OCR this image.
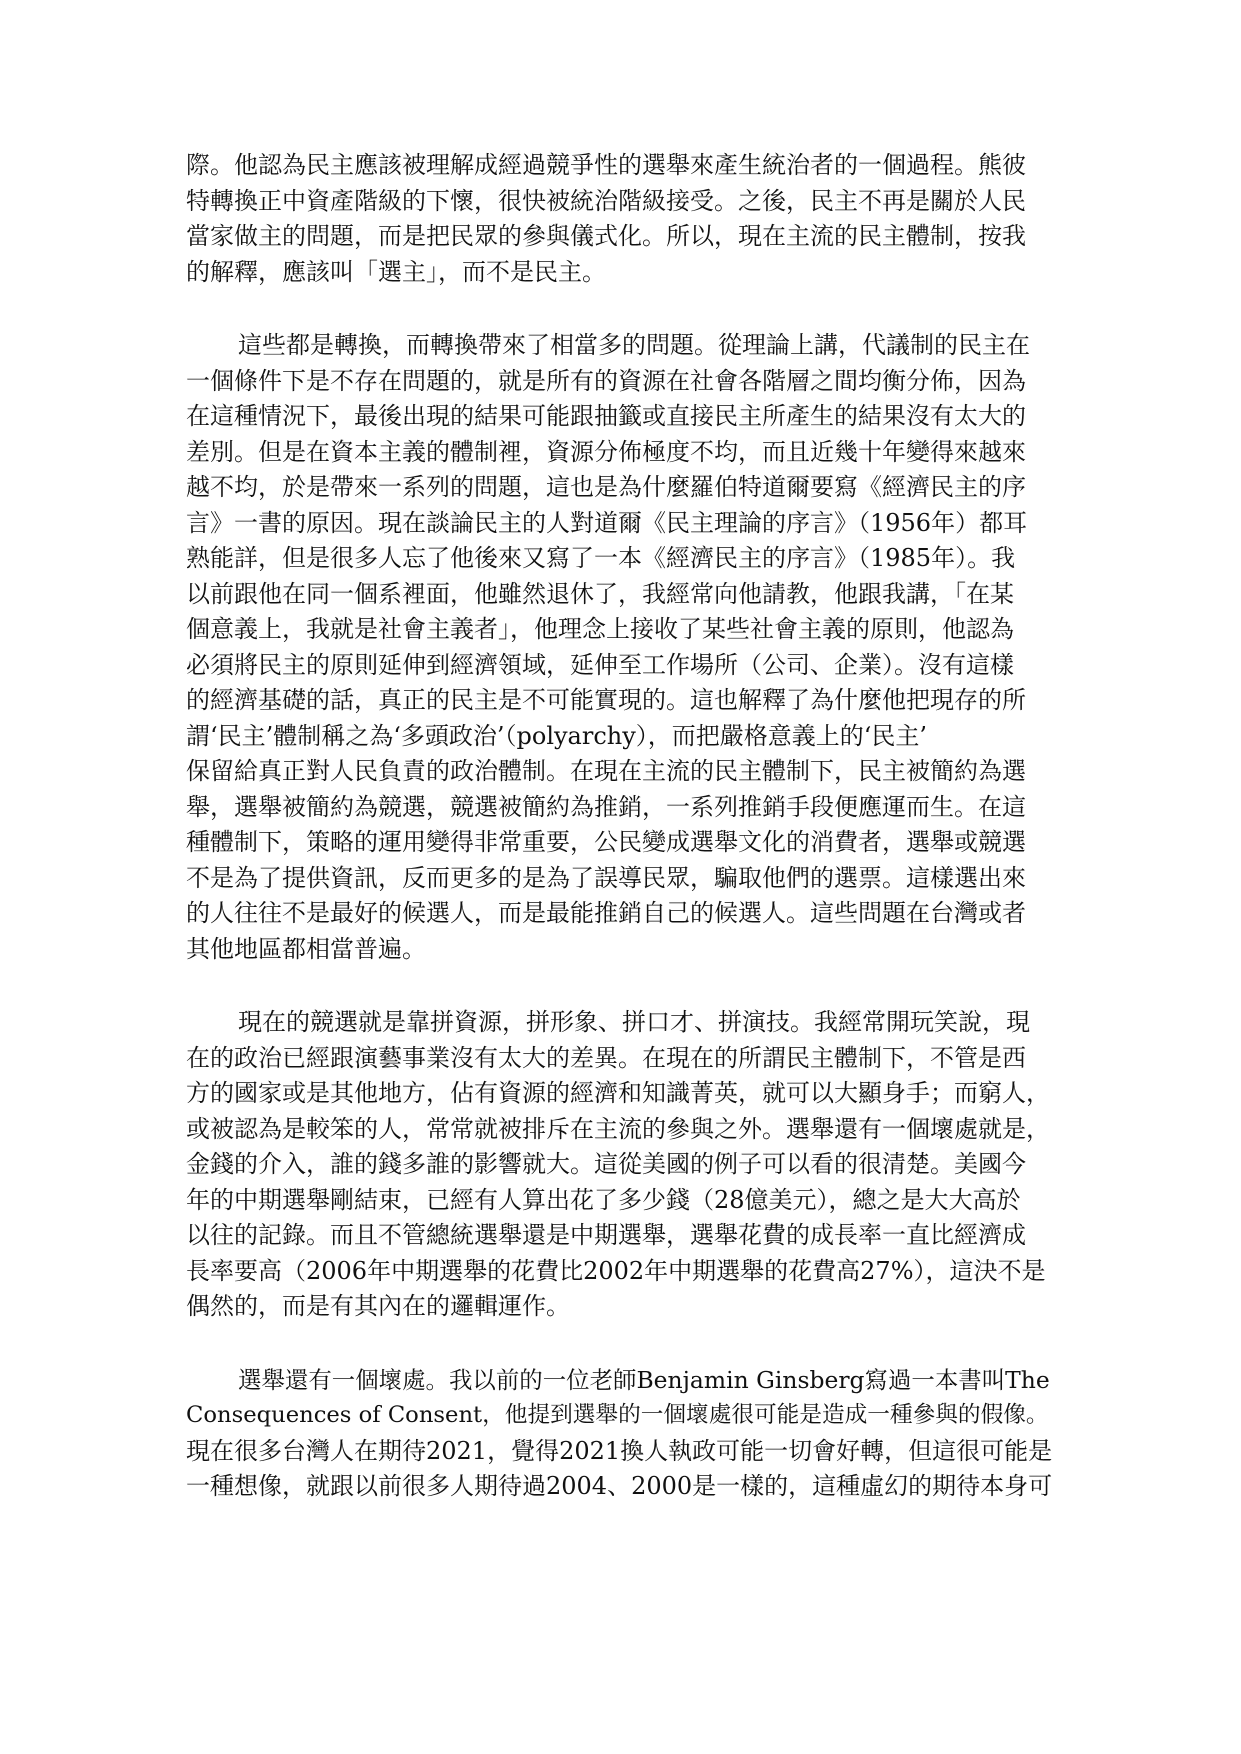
際。他認為民主應該被理解成經過競爭性的選舉來產生統治者的一個過程。熊彼
特轉換正中資產階級的下懷，很快被統治階級接受。之後，民主不再是關於人民
當家做主的問題，而是把民眾的參與儀式化。所以，現在主流的民主體制，按我
的解釋，應該叫「選主」，而不是民主。
這些都是轉換，而轉換帶來了相當多的問題。從理論上講，代議制的民主在
一個條件下是不存在問題的，就是所有的資源在社會各階層之間均衡分佈，因為
在這種情況下，最後出現的結果可能跟抽籤或直接民主所產生的結果沒有太大的
差別。但是在資本主義的體制裡，資源分佈極度不均，而且近幾十年變得來越來
越不均，於是帶來一系列的問題，這也是為什麼羅伯特道爾要寫《經濟民主的序
言》一書的原因。現在談論民主的人對道爾《民主理論的序言》（1956年）都耳
熟能詳，但是很多人忘了他後來又寫了一本《經濟民主的序言》（1985年）。我
以前跟他在同一個系裡面，他雖然退休了，我經常向他請教，他跟我講，「在某
個意義上，我就是社會主義者」，他理念上接收了某些社會主義的原則，他認為
必須將民主的原則延伸到經濟領域，延伸至工作場所（公司、企業）。沒有這樣
的經濟基礎的話，真正的民主是不可能實現的。這也解釋了為什麼他把現存的所
謂‘民主’體制稱之為‘多頭政治’（polyarchy），而把嚴格意義上的‘民主’
保留給真正對人民負責的政治體制。在現在主流的民主體制下，民主被簡約為選
舉，選舉被簡約為競選，競選被簡約為推銷，一系列推銷手段便應運而生。在這
種體制下，策略的運用變得非常重要，公民變成選舉文化的消費者，選舉或競選
不是為了提供資訊，反而更多的是為了誤導民眾，騙取他們的選票。這樣選出來
的人往往不是最好的候選人，而是最能推銷自己的候選人。這些問題在台灣或者
其他地區都相當普遍。
現在的競選就是靠拼資源，拼形象、拼口才、拼演技。我經常開玩笑說，現
在的政治已經跟演藝事業沒有太大的差異。在現在的所謂民主體制下，不管是西
方的國家或是其他地方，佔有資源的經濟和知識菁英，就可以大顯身手；而窮人，
或被認為是較笨的人，常常就被排斥在主流的參與之外。選舉還有一個壞處就是，
金錢的介入，誰的錢多誰的影響就大。這從美國的例子可以看的很清楚。美國今
年的中期選舉剛結束，已經有人算出花了多少錢（28億美元），總之是大大高於
以往的記錄。而且不管總統選舉還是中期選舉，選舉花費的成長率一直比經濟成
長率要高（2006年中期選舉的花費比2002年中期選舉的花費高27%），這決不是
偶然的，而是有其內在的邏輯運作。
選舉還有一個壞處。我以前的一位老師Benjamin Ginsberg寫過一本書叫The
Consequences of Consent，他提到選舉的一個壞處很可能是造成一種參與的假像。
現在很多台灣人在期待2021，覺得2021換人執政可能一切會好轉，但這很可能是
一種想像，就跟以前很多人期待過2004、2000是一樣的，這種虛幻的期待本身可
